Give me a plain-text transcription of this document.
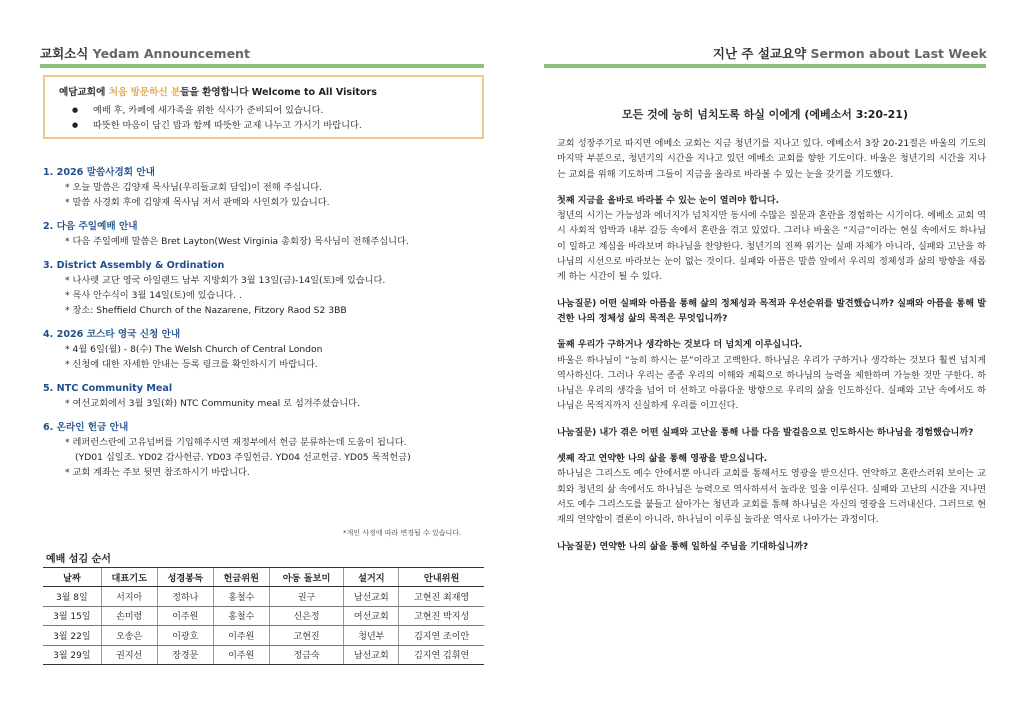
교회소식 Yedam Announcement
예담교회에 처음 방문하신 분들을 환영합니다 Welcome to All Visitors
● 예배 후, 카페에 새가족을 위한 식사가 준비되어 있습니다.
● 따뜻한 마음이 담긴 밥과 함께 따뜻한 교제 나누고 가시기 바랍니다.
1. 2026 말씀사경회 안내
* 오늘 말씀은 김양재 목사님(우리들교회 담임)이 전해 주십니다.
* 말씀 사경회 후에 김양재 목사님 저서 판매와 사인회가 있습니다.
2. 다음 주일예배 안내
* 다음 주일예배 말씀은 Bret Layton(West Virginia 총회장) 목사님이 전해주십니다.
3. District Assembly & Ordination
* 나사렛 교단 영국 아일랜드 남부 지방회가 3월 13일(금)-14일(토)에 있습니다.
* 목사 안수식이 3월 14일(토)에 있습니다. .
* 장소: Sheffield Church of the Nazarene, Fitzory Raod S2 3BB
4. 2026 코스타 영국 신청 안내
* 4월 6일(월) - 8(수) The Welsh Church of Central London
* 신청에 대한 자세한 안내는 등록 링크를 확인하시기 바랍니다.
5. NTC Community Meal
* 여선교회에서 3월 3일(화) NTC Community meal 로 섬겨주셨습니다.
6. 온라인 헌금 안내
* 레퍼런스란에 고유넘버를 기입해주시면 재정부에서 헌금 분류하는데 도움이 됩니다.
(YD01 십일조. YD02 감사헌금. YD03 주일헌금. YD04 선교헌금. YD05 목적헌금)
* 교회 계좌는 주보 뒷면 참조하시기 바랍니다.
*개인 사정에 따라 변경될 수 있습니다.
예배 섬김 순서
날짜	대표기도	성경봉독	헌금위원	아동 돌보미	설거지	안내위원
3월 8일	서지아	정하나	홍철수	권구	남선교회	고현진 최재영
3월 15일	손미령	이주원	홍철수	신은정	여선교회	고현진 박지성
3월 22일	오송은	이광호	이주원	고현진	청년부	김지연 조이안
3월 29일	권지선	장경문	이주원	정금숙	남선교회	김지연 김휘연
지난 주 설교요약 Sermon about Last Week
모든 것에 능히 넘치도록 하실 이에게 (에베소서 3:20-21)
교회 성장주기로 따지면 에베소 교회는 지금 청년기를 지나고 있다. 에베소서 3장 20-21절은 바울의 기도의 마지막 부분으로, 청년기의 시간을 지나고 있던 에베소 교회를 향한 기도이다. 바울은 청년기의 시간을 지나는 교회를 위해 기도하며 그들이 지금을 올라로 바라볼 수 있는 눈을 갖기를 기도했다.
첫째 지금을 올바로 바라볼 수 있는 눈이 열려야 합니다.
청년의 시기는 가능성과 에너지가 넘치지만 동시에 수많은 질문과 혼란을 경험하는 시기이다. 에베소 교회 역시 사회적 압박과 내부 갈등 속에서 혼란을 겪고 있었다. 그러나 바울은 “지금”이라는 현실 속에서도 하나님이 일하고 계심을 바라보며 하나님을 찬양한다. 청년기의 진짜 위기는 실패 자체가 아니라, 실패와 고난을 하나님의 시선으로 바라보는 눈이 없는 것이다. 실패와 아픔은 말씀 앞에서 우리의 정체성과 삶의 방향을 새롭게 하는 시간이 될 수 있다.
나눔질문) 어떤 실패와 아픔을 통해 삶의 정체성과 목적과 우선순위를 발견했습니까? 실패와 아픔을 통해 발견한 나의 정체성 삶의 목적은 무엇입니까?
둘째 우리가 구하거나 생각하는 것보다 더 넘치게 이루십니다.
바울은 하나님이 “능히 하시는 분”이라고 고백한다. 하나님은 우리가 구하거나 생각하는 것보다 훨씬 넘치게 역사하신다. 그러나 우리는 종종 우리의 이해와 계획으로 하나님의 능력을 제한하며 가능한 것만 구한다. 하나님은 우리의 생각을 넘어 더 선하고 아름다운 방향으로 우리의 삶을 인도하신다. 실패와 고난 속에서도 하나님은 목적지까지 신실하게 우리를 이끄신다.
나눔질문) 내가 겪은 어떤 실패와 고난을 통해 나를 다음 발걸음으로 인도하시는 하나님을 경험했습니까?
셋째 작고 연약한 나의 삶을 통해 영광을 받으십니다.
하나님은 그리스도 예수 안에서뿐 아니라 교회를 통해서도 영광을 받으신다. 연약하고 혼란스러워 보이는 교회와 청년의 삶 속에서도 하나님은 능력으로 역사하셔서 놀라운 일을 이루신다. 실패와 고난의 시간을 지나면서도 예수 그리스도를 붙들고 살아가는 청년과 교회를 통해 하나님은 자신의 영광을 드러내신다. 그러므로 현재의 연약함이 결론이 아니라, 하나님이 이루실 놀라운 역사로 나아가는 과정이다.
나눔질문) 연약한 나의 삶을 통해 일하실 주님을 기대하십니까?
